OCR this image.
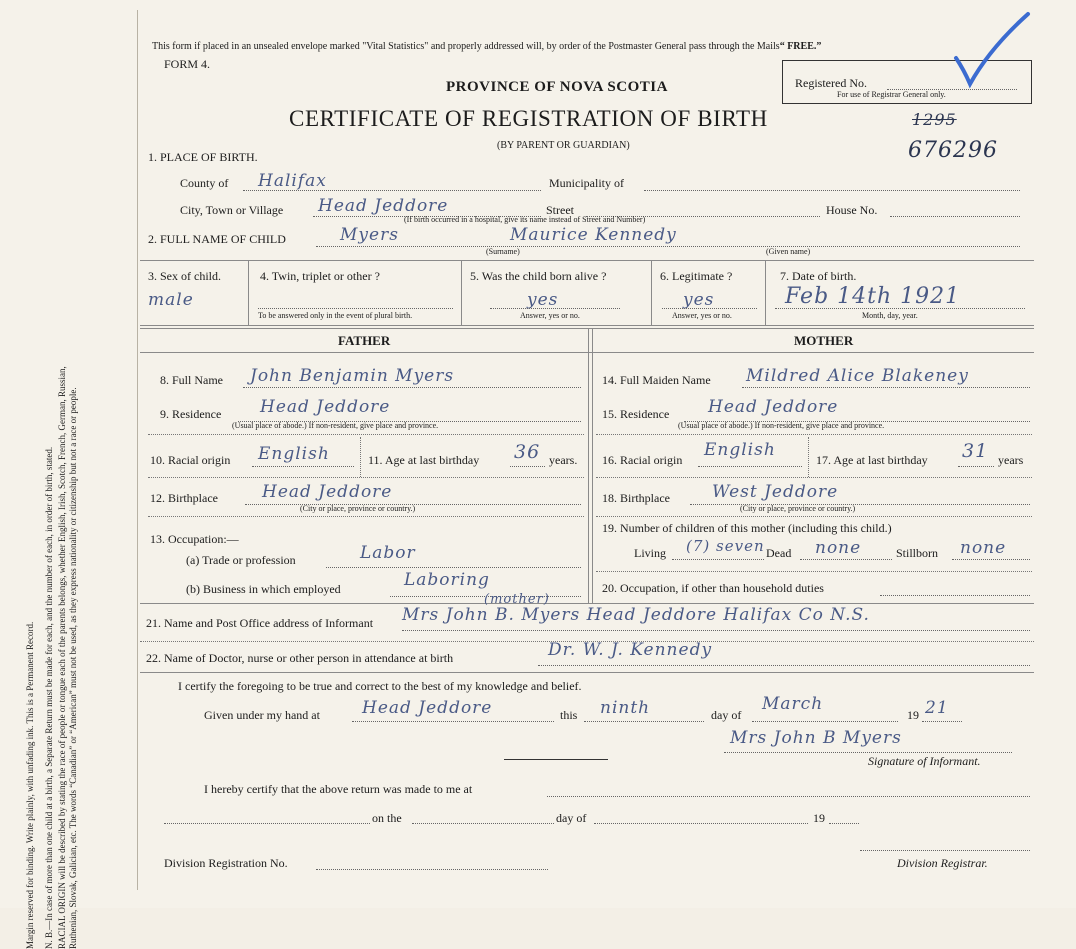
Margin reserved for binding. Write plainly, with unfading ink. This is a Permanent Record. N. B.—In case of more than one child at a birth, a Separate Return must be made for each, and the number of each, in order of birth, stated. RACIAL ORIGIN will be described by stating the race of people or tongue each of the parents belongs, whether English, Irish, Scotch, French, German, Russian, Ruthenian, Slovak, Galician, etc. The words “Canadian” or “American” must not be used, as they express nationality or citizenship but not a race or people.
This form if placed in an unsealed envelope marked "Vital Statistics" and properly addressed will, by order of the Postmaster General pass through the Mails“ FREE.”
FORM 4.
PROVINCE OF NOVA SCOTIA
CERTIFICATE OF REGISTRATION OF BIRTH
(BY PARENT OR GUARDIAN)
Registered No.
For use of Registrar General only.
1295
676296
1. PLACE OF BIRTH.
County of Halifax	Municipality of
City, Town or Village Head Jeddore	Street	House No.
(If birth occurred in a hospital, give its name instead of Street and Number)
2. FULL NAME OF CHILD	Myers	Maurice Kennedy
(Surname)	(Given name)
3. Sex of child.
male
4. Twin, triplet or other ?
To be answered only in the event of plural birth.
5. Was the child born alive ?
yes
Answer, yes or no.
6. Legitimate ?
yes
Answer, yes or no.
7. Date of birth.
Feb 14th 1921
Month, day, year.
FATHER	MOTHER
8. Full Name John Benjamin Myers
9. Residence Head Jeddore
(Usual place of abode.) If non-resident, give place and province.
10. Racial origin English	11. Age at last birthday 36 years.
12. Birthplace	Head Jeddore
(City or place, province or country.)
13. Occupation:—
(a) Trade or profession	Labor
(b) Business in which employed	Laboring
14. Full Maiden Name Mildred Alice Blakeney
15. Residence Head Jeddore
(Usual place of abode.) If non-resident, give place and province.
16. Racial origin English	17. Age at last birthday 31 years
18. Birthplace West Jeddore
(City or place, province or country.)
19. Number of children of this mother (including this child.)
Living (7) seven Dead none	Stillborn none
20. Occupation, if other than household duties
21. Name and Post Office address of Informant Mrs John B. Myers Head Jeddore Halifax Co N.S.
(mother)
22. Name of Doctor, nurse or other person in attendance at birth	Dr. W. J. Kennedy
I certify the foregoing to be true and correct to the best of my knowledge and belief.
Given under my hand at Head Jeddore	this ninth	day of
March
19 21
Mrs John B Myers
Signature of Informant.
I hereby certify that the above return was made to me at
on the	day of	19
Division Registration No.	Division Registrar.
